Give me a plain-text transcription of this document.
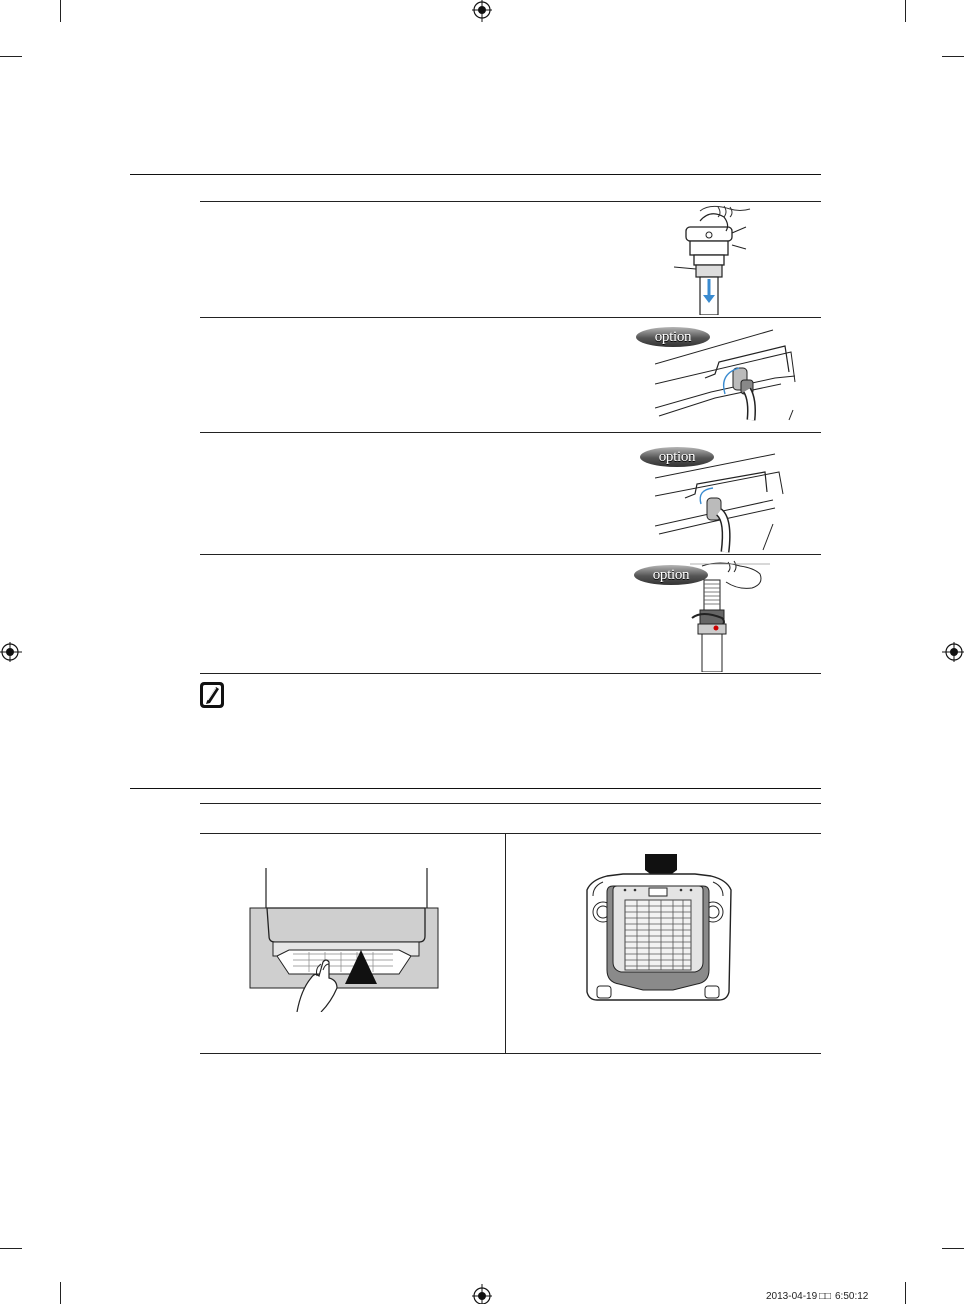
option
option
option
2013-04-19 □□ 6:50:12
